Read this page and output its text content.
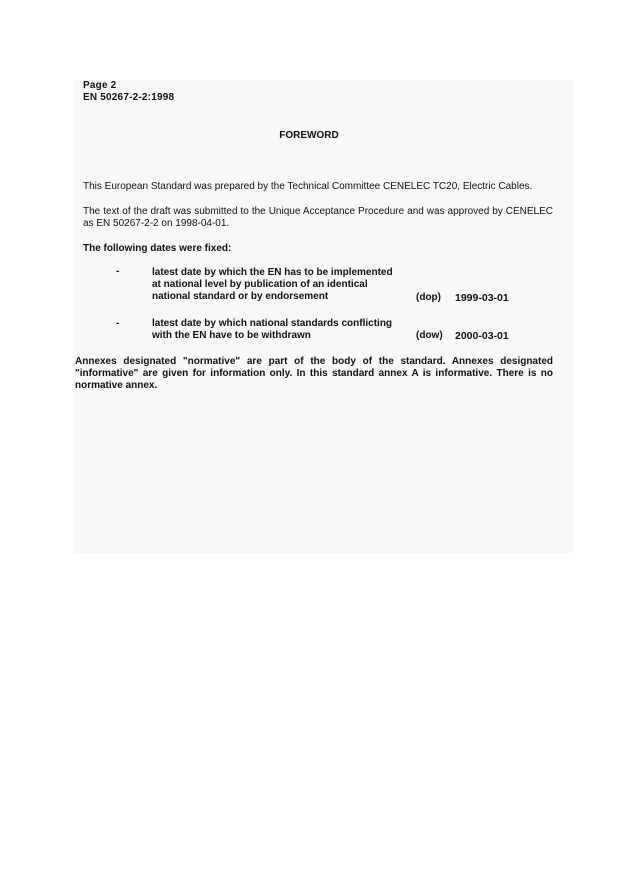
Page 2
EN 50267-2-2:1998
FOREWORD

This European Standard was prepared by the Technical Committee CENELEC TC20, Electric Cables.

The text of the draft was submitted to the Unique Acceptance Procedure and was approved by CENELEC as EN 50267-2-2 on 1998-04-01.

The following dates were fixed:

-	latest date by which the EN has to be implemented
at national level by publication of an identical
national standard or by endorsement	(dop) 1999-03-01
-	latest date by which national standards conflicting
with the EN have to be withdrawn	(dow) 2000-03-01

Annexes designated "normative" are part of the body of the standard. Annexes designated "informative" are given for information only. In this standard annex A is informative. There is no normative annex.
